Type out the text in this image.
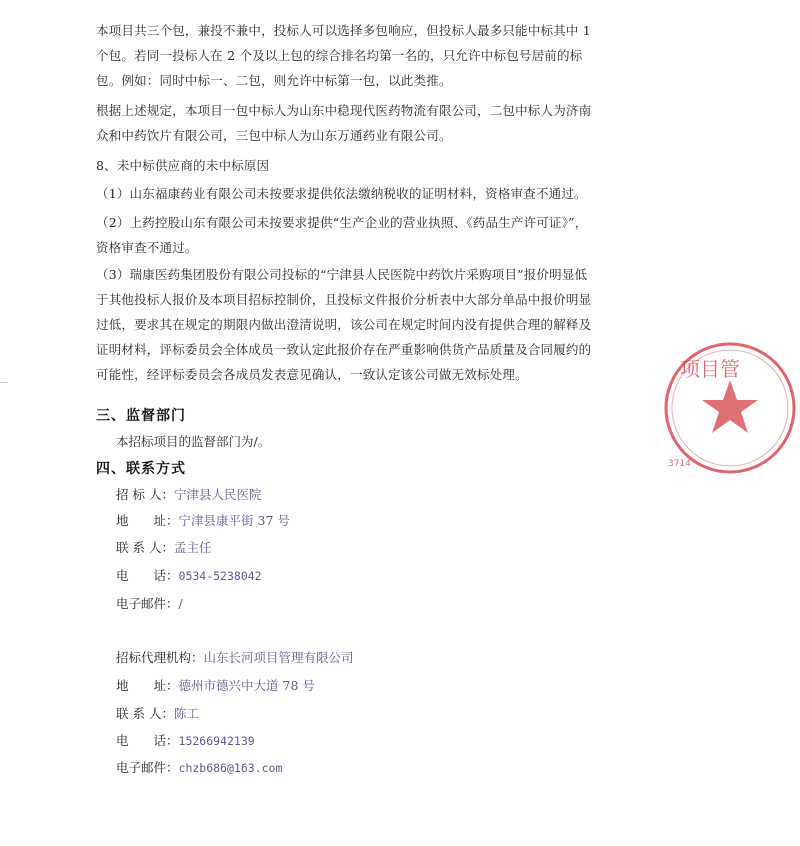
本项目共三个包，兼投不兼中，投标人可以选择多包响应，但投标人最多只能中标其中 1 个包。若同一投标人在 2 个及以上包的综合排名均第一名的，只允许中标包号居前的标包。例如：同时中标一、二包，则允许中标第一包，以此类推。
根据上述规定，本项目一包中标人为山东中稳现代医药物流有限公司，二包中标人为济南众和中药饮片有限公司，三包中标人为山东万通药业有限公司。
8、未中标供应商的未中标原因
（1）山东福康药业有限公司未按要求提供依法缴纳税收的证明材料，资格审查不通过。
（2）上药控股山东有限公司未按要求提供“生产企业的营业执照、《药品生产许可证》”，资格审查不通过。
（3）瑞康医药集团股份有限公司投标的“宁津县人民医院中药饮片采购项目”报价明显低于其他投标人报价及本项目招标控制价，且投标文件报价分析表中大部分单品中报价明显过低，要求其在规定的期限内做出澄清说明，该公司在规定时间内没有提供合理的解释及证明材料，评标委员会全体成员一致认定此报价存在严重影响供货产品质量及合同履约的可能性，经评标委员会各成员发表意见确认，一致认定该公司做无效标处理。
三、监督部门
本招标项目的监督部门为/。
四、联系方式
招 标 人：宁津县人民医院
地　　址：宁津县康平街 37 号
联 系 人：孟主任
电　　话：0534-5238042
电子邮件：/
招标代理机构：山东长河项目管理有限公司
地　　址：德州市德兴中大道 78 号
联 系 人：陈工
电　　话：15266942139
电子邮件：chzb686@163.com
项目管
3714
